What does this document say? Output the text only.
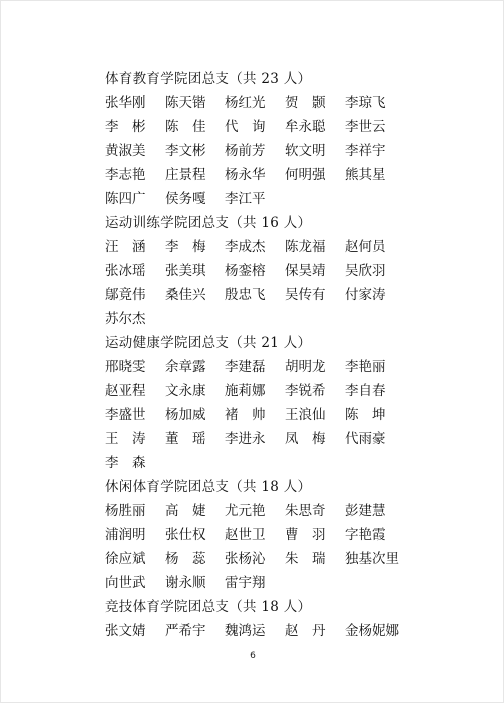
体育教育学院团总支（共 23 人）
张华刚	陈天锴	杨红光	贺　颢	李琼飞
李　彬	陈　佳	代　询	牟永聪	李世云
黄淑美	李文彬	杨前芳	软文明	李祥宇
李志艳	庄景程	杨永华	何明强	熊其星
陈四广	侯务嘎	李江平
运动训练学院团总支（共 16 人）
汪　涵	李　梅	李成杰	陈龙福	赵何员
张冰瑶	张美琪	杨銮榕	保昊靖	吴欣羽
鄔竟伟	桑佳兴	殷忠飞	吴传有	付家涛
苏尔杰
运动健康学院团总支（共 21 人）
邢晓雯	余章露	李建磊	胡明龙	李艳丽
赵亚程	文永康	施莉娜	李锐希	李自春
李盛世	杨加威	褚　帅	王浪仙	陈　坤
王　涛	董　瑶	李进永	凤　梅	代雨豪
李　森
休闲体育学院团总支（共 18 人）
杨胜丽	高　婕	尤元艳	朱思奇	彭建慧
浦润明	张仕权	赵世卫	曹　羽	字艳霞
徐应斌	杨　蕊	张杨沁	朱　瑞	独基次里
向世武	谢永顺	雷宇翔
竞技体育学院团总支（共 18 人）
张文婧	严希宇	魏鸿运	赵　丹	金杨妮娜
6
